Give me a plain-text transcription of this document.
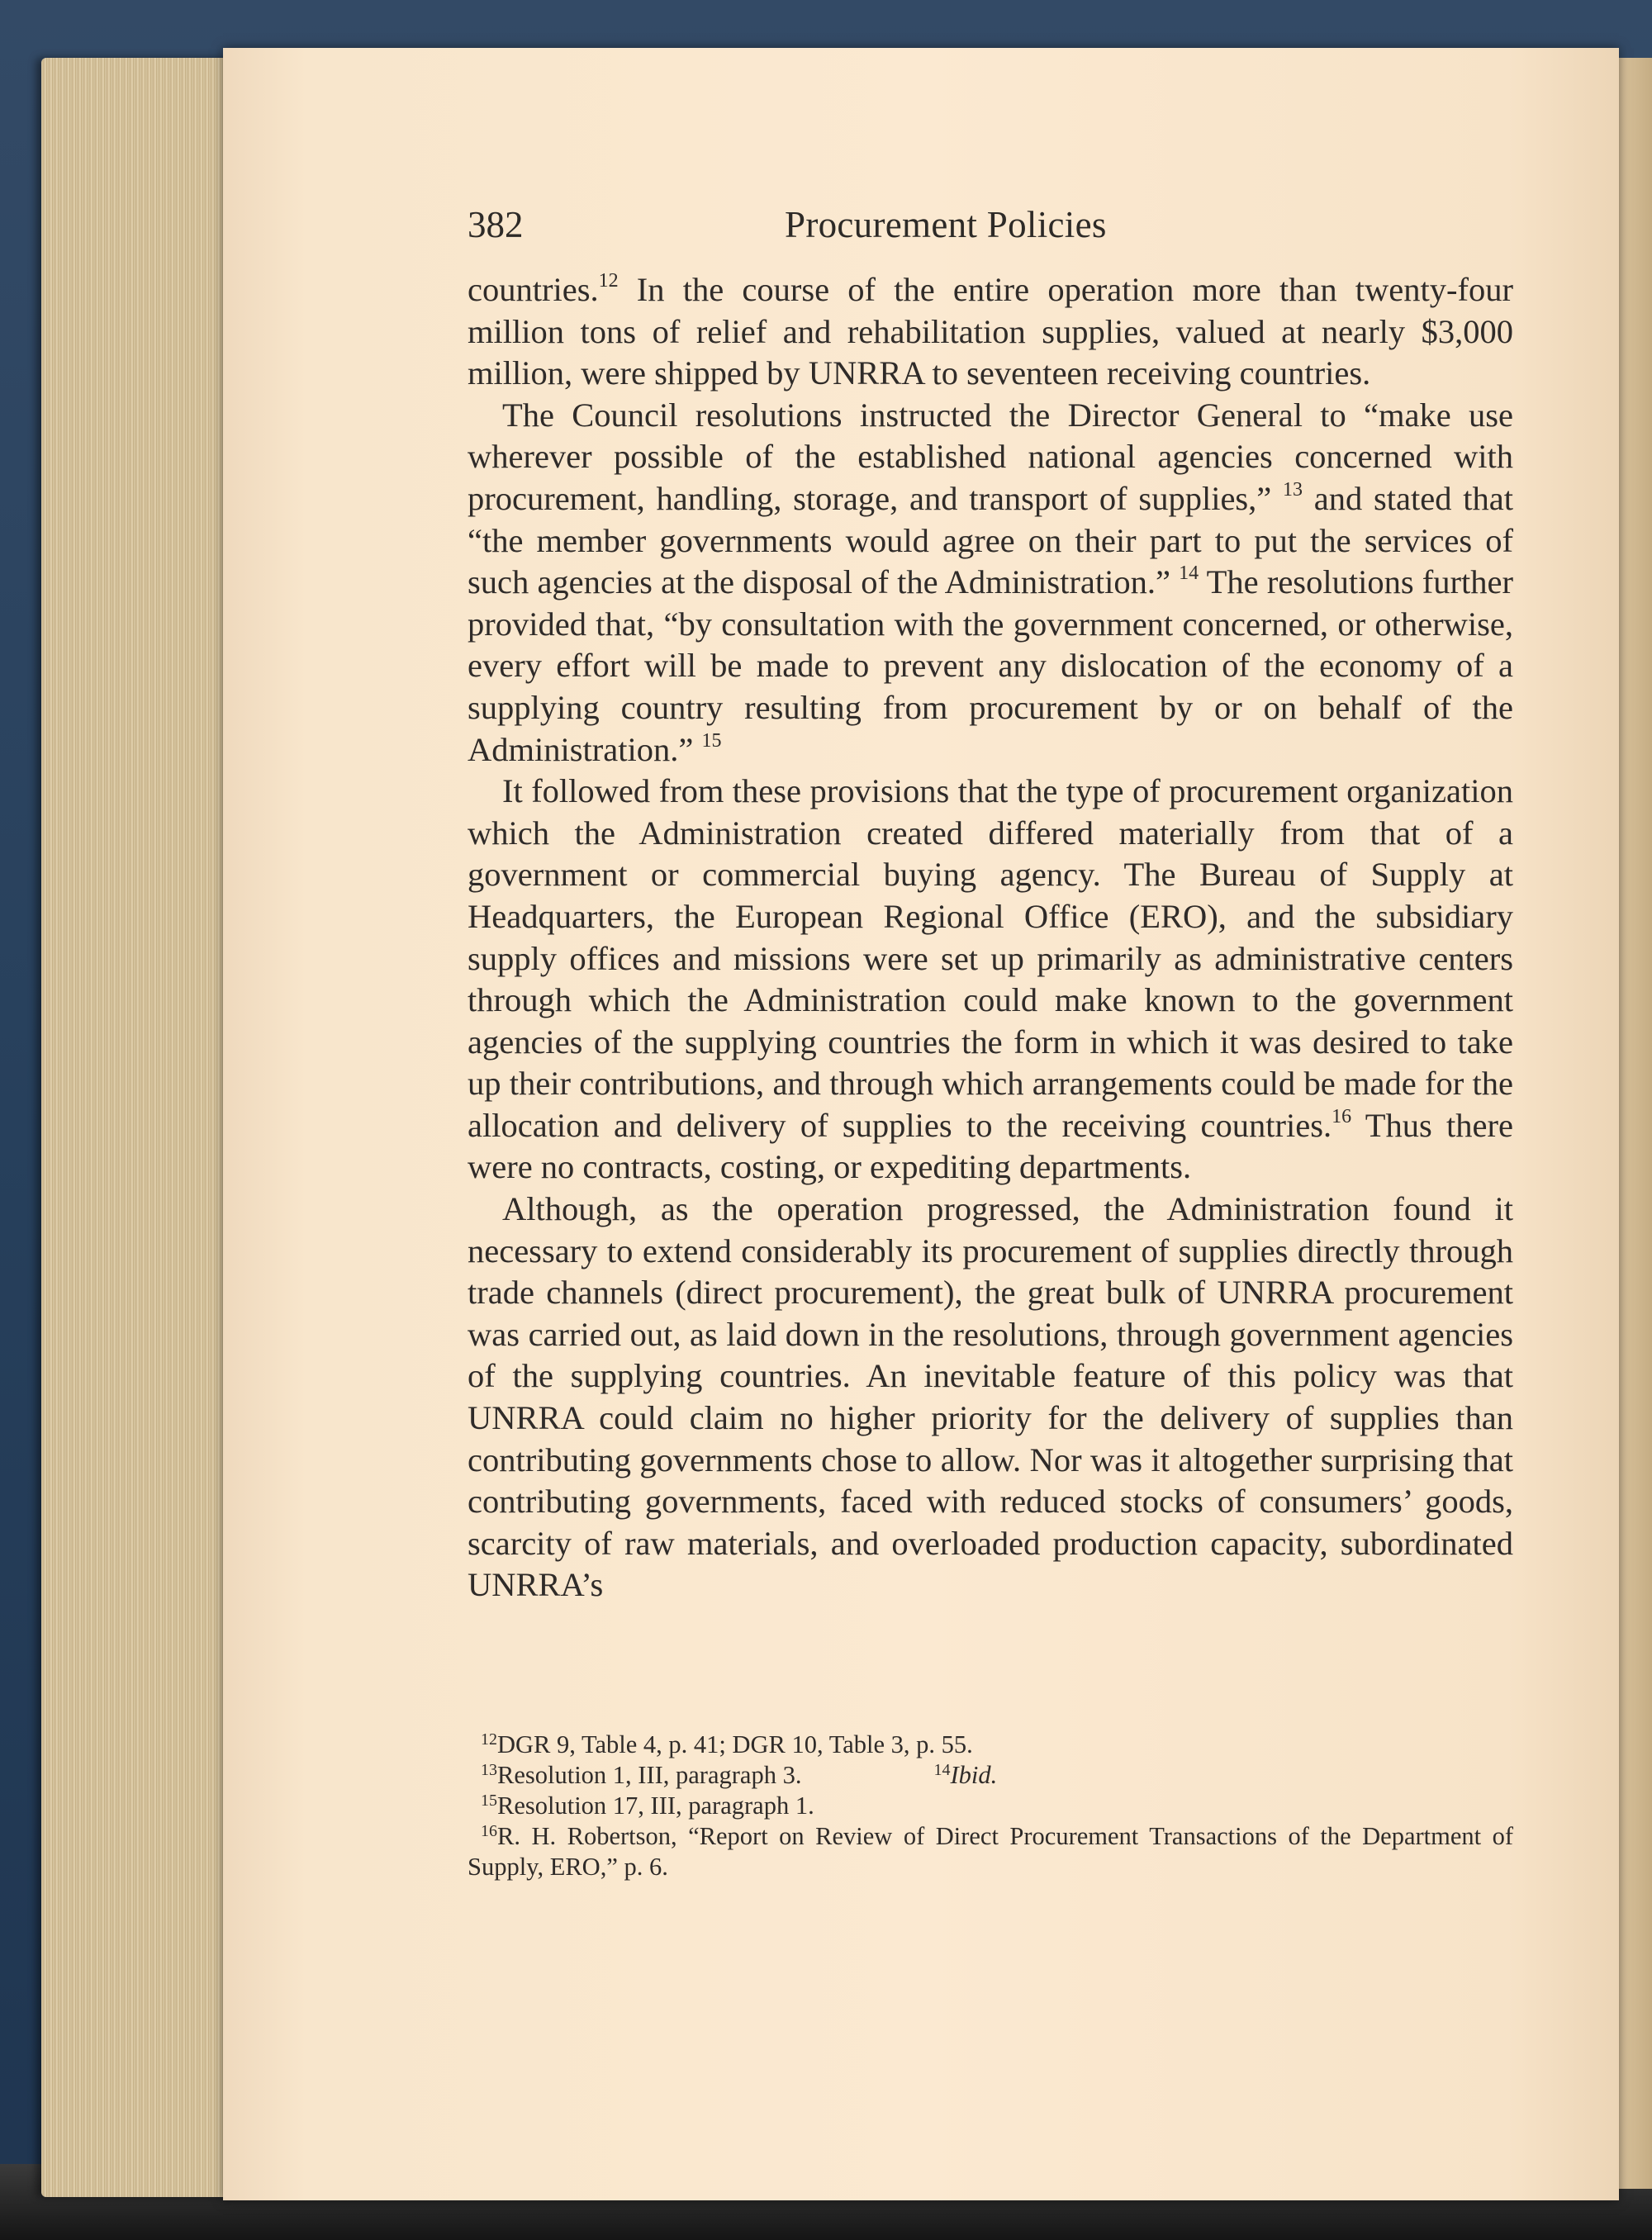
382	Procurement Policies

countries.$^{12}$ In the course of the entire operation more than twenty-four million tons of relief and rehabilitation supplies, valued at nearly $3,000 million, were shipped by UNRRA to seventeen receiving countries.

The Council resolutions instructed the Director General to “make use wherever possible of the established national agencies concerned with procurement, handling, storage, and transport of supplies,” $^{13}$ and stated that “the member governments would agree on their part to put the services of such agencies at the disposal of the Administration.” $^{14}$ The resolutions further provided that, “by consultation with the government concerned, or otherwise, every effort will be made to prevent any dislocation of the economy of a supplying country resulting from procurement by or on behalf of the Administration.” $^{15}$

It followed from these provisions that the type of procurement organization which the Administration created differed materially from that of a government or commercial buying agency. The Bureau of Supply at Headquarters, the European Regional Office (ERO), and the subsidiary supply offices and missions were set up primarily as administrative centers through which the Administration could make known to the government agencies of the supplying countries the form in which it was desired to take up their contributions, and through which arrangements could be made for the allocation and delivery of supplies to the receiving countries.$^{16}$ Thus there were no contracts, costing, or expediting departments.

Although, as the operation progressed, the Administration found it necessary to extend considerably its procurement of supplies directly through trade channels (direct procurement), the great bulk of UNRRA procurement was carried out, as laid down in the resolutions, through government agencies of the supplying countries. An inevitable feature of this policy was that UNRRA could claim no higher priority for the delivery of supplies than contributing governments chose to allow. Nor was it altogether surprising that contributing governments, faced with reduced stocks of consumers’ goods, scarcity of raw materials, and overloaded production capacity, subordinated UNRRA’s

$^{12}$DGR 9, Table 4, p. 41; DGR 10, Table 3, p. 55.

$^{13}$Resolution 1, III, paragraph 3.	$^{14}$Ibid.

$^{15}$Resolution 17, III, paragraph 1.

$^{16}$R. H. Robertson, “Report on Review of Direct Procurement Transactions of the Department of Supply, ERO,” p. 6.
